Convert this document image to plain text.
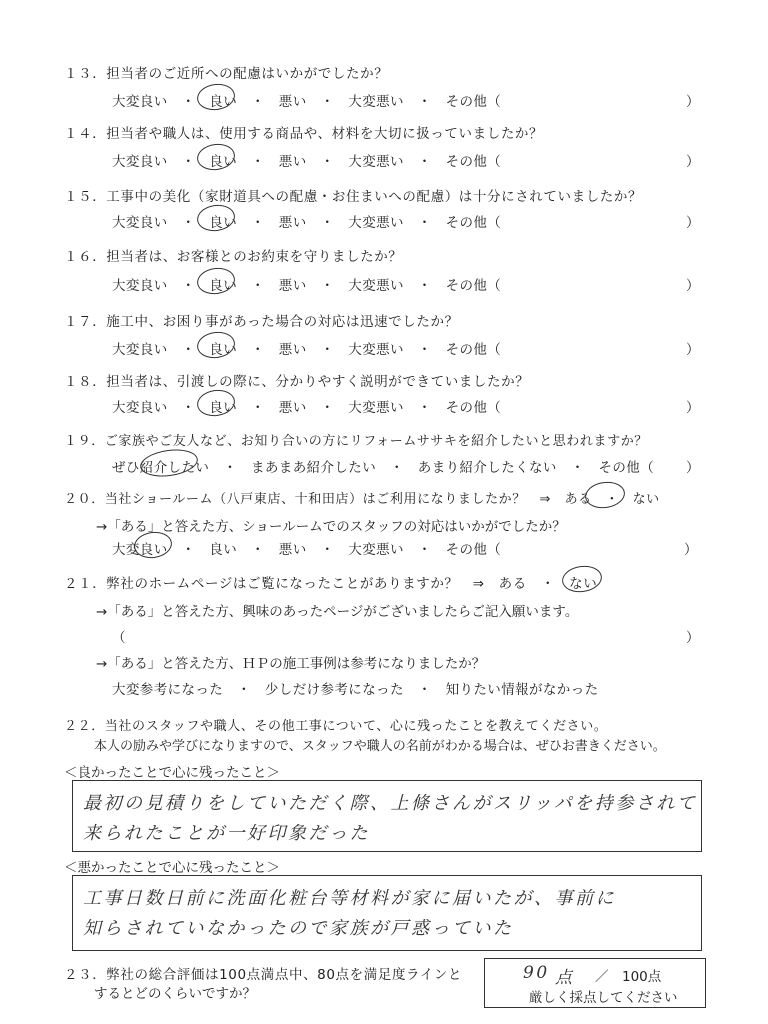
１３．担当者のご近所への配慮はいかがでしたか？
大変良い　・　良い　・　悪い　・　大変悪い　・　その他（	）
１４．担当者や職人は、使用する商品や、材料を大切に扱っていましたか？
大変良い　・　良い　・　悪い　・　大変悪い　・　その他（	）
１５．工事中の美化（家財道具への配慮・お住まいへの配慮）は十分にされていましたか？
大変良い　・　良い　・　悪い　・　大変悪い　・　その他（	）
１６．担当者は、お客様とのお約束を守りましたか？
大変良い　・　良い　・　悪い　・　大変悪い　・　その他（	）
１７．施工中、お困り事があった場合の対応は迅速でしたか？
大変良い　・　良い　・　悪い　・　大変悪い　・　その他（	）
１８．担当者は、引渡しの際に、分かりやすく説明ができていましたか？
大変良い　・　良い　・　悪い　・　大変悪い　・　その他（	）
１９．ご家族やご友人など、お知り合いの方にリフォームササキを紹介したいと思われますか？
ぜひ紹介したい　・　まあまあ紹介したい　・　あまり紹介したくない　・　その他（ ）
２０．当社ショールーム（八戸東店、十和田店）はご利用になりましたか？　⇒　ある　・　ない
→「ある」と答えた方、ショールームでのスタッフの対応はいかがでしたか？
大変良い　・　良い　・　悪い　・　大変悪い　・　その他（	）
２１．弊社のホームページはご覧になったことがありますか？　⇒　ある　・　ない
→「ある」と答えた方、興味のあったページがございましたらご記入願います。
（	）
→「ある」と答えた方、ＨＰの施工事例は参考になりましたか？
大変参考になった　・　少しだけ参考になった　・　知りたい情報がなかった
２２．当社のスタッフや職人、その他工事について、心に残ったことを教えてください。
本人の励みや学びになりますので、スタッフや職人の名前がわかる場合は、ぜひお書きください。
＜良かったことで心に残ったこと＞
最初の見積りをしていただく際、上條さんがスリッパを持参されて
来られたことが一好印象だった
＜悪かったことで心に残ったこと＞
工事日数日前に洗面化粧台等材料が家に届いたが、事前に
知らされていなかったので家族が戸惑っていた
２３．弊社の総合評価は100点満点中、80点を満足度ラインと
するとどのくらいですか？
90 点 ／　100点
厳しく採点してください
